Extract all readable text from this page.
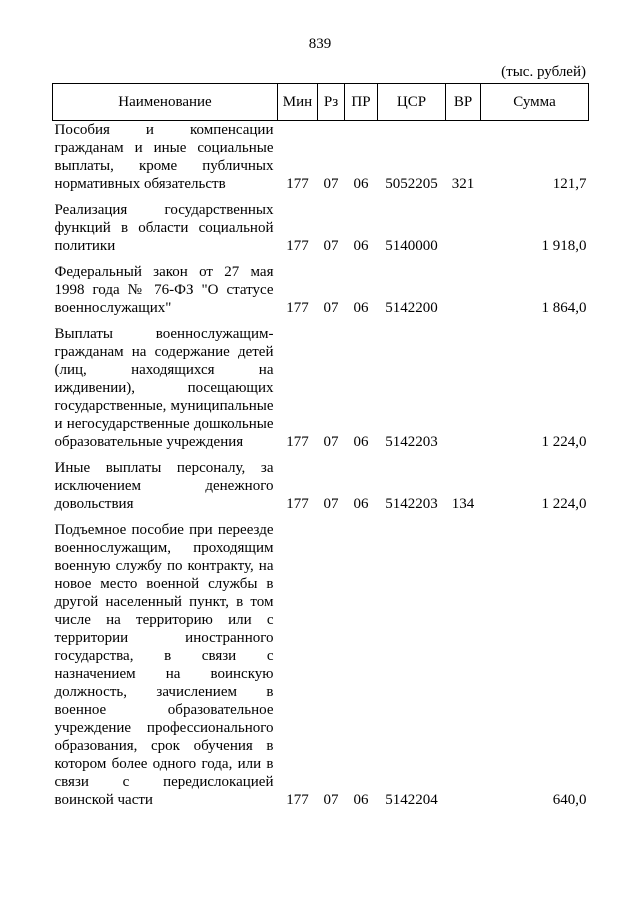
839
(тыс. рублей)
Наименование	Мин	Рз	ПР	ЦСР	ВР	Сумма
Пособия и компенсации гражданам и иные социальные выплаты, кроме публичных нормативных обязательств	177	07	06	5052205	321	121,7

Реализация государственных функций в области социальной политики	177	07	06	5140000		1 918,0

Федеральный закон от 27 мая 1998 года № 76-ФЗ "О статусе военнослужащих"	177	07	06	5142200		1 864,0

Выплаты военнослужащим-гражданам на содержание детей (лиц, находящихся на иждивении), посещающих государственные, муниципальные и негосударственные дошкольные образовательные учреждения	177	07	06	5142203		1 224,0

Иные выплаты персоналу, за исключением денежного довольствия	177	07	06	5142203	134	1 224,0

Подъемное пособие при переезде военнослужащим, проходящим военную службу по контракту, на новое место военной службы в другой населенный пункт, в том числе на территорию или с территории иностранного государства, в связи с назначением на воинскую должность, зачислением в военное образовательное учреждение профессионального образования, срок обучения в котором более одного года, или в связи с передислокацией воинской части	177	07	06	5142204		640,0
